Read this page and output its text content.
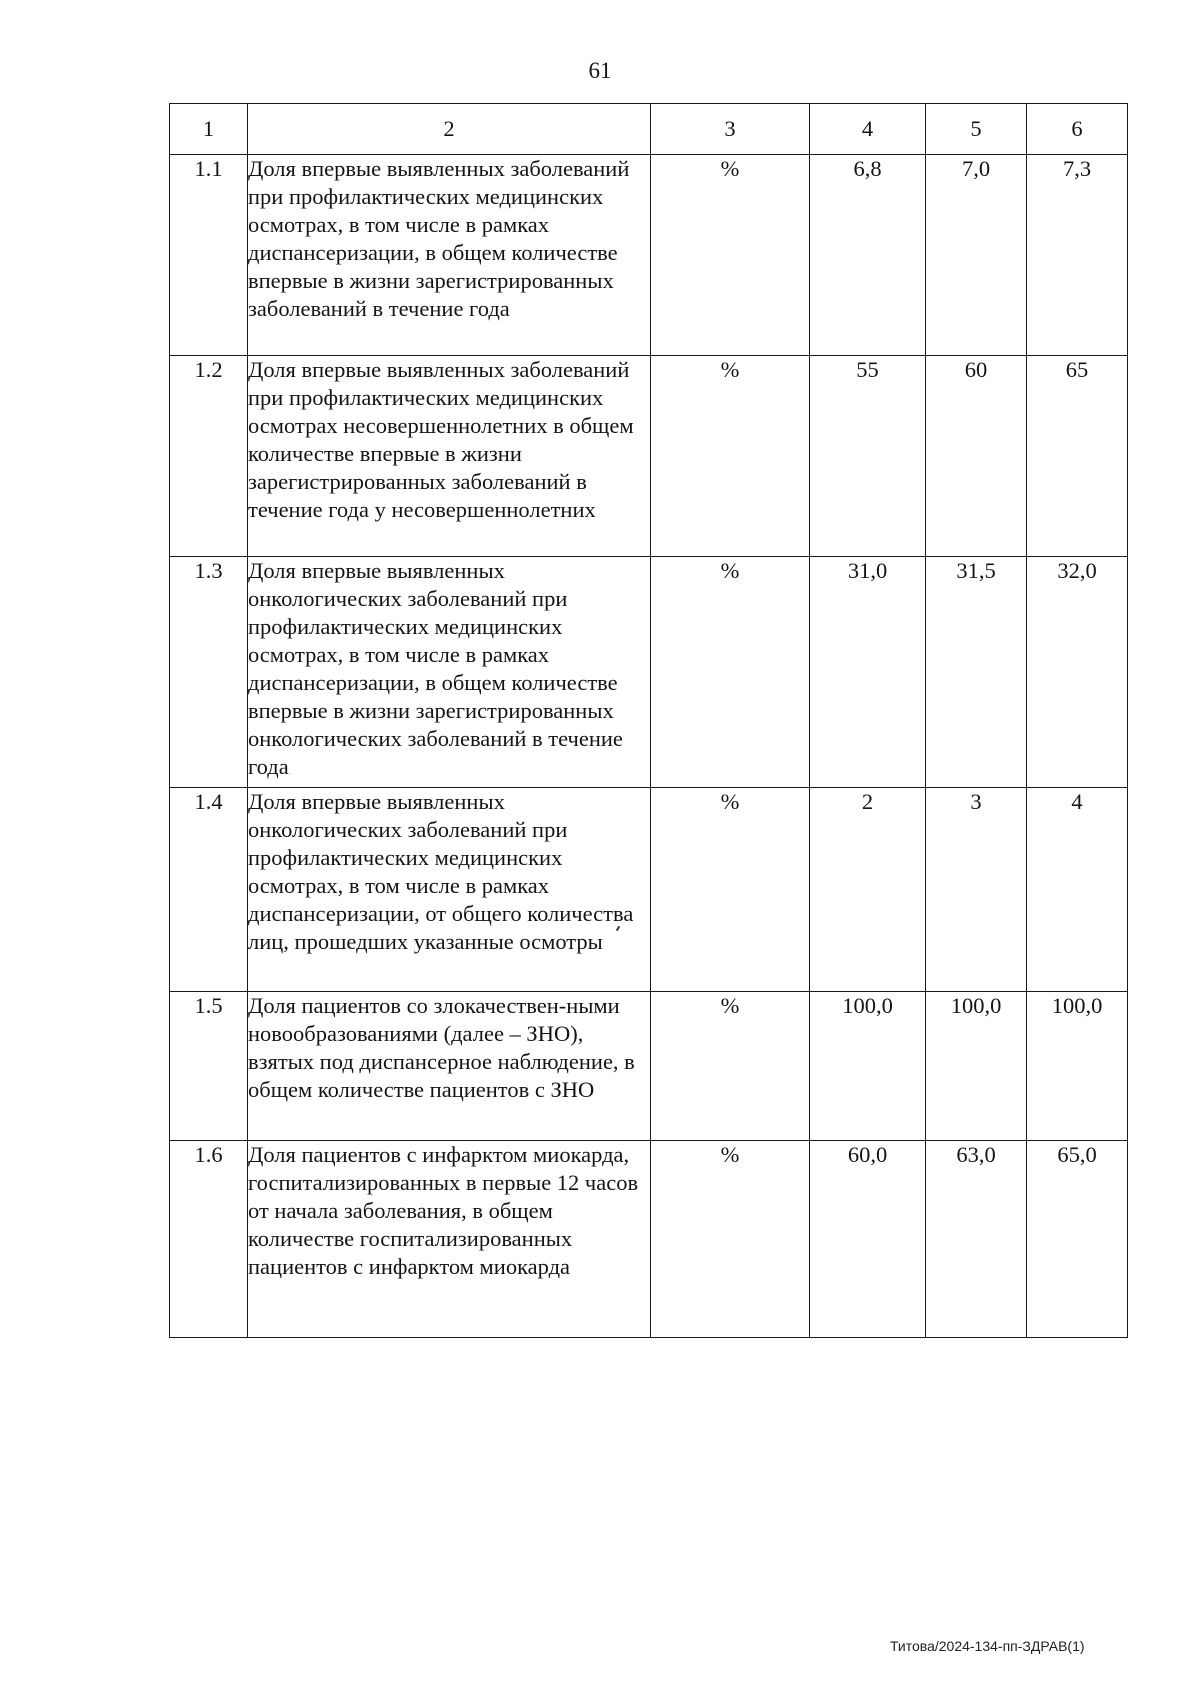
61
1	2	3	4	5	6
1.1	Доля впервые выявленных заболеваний при профилактических медицинских осмотрах, в том числе в рамках диспансеризации, в общем количестве впервые в жизни зарегистрированных заболеваний в течение года	%	6,8	7,0	7,3
1.2	Доля впервые выявленных заболеваний при профилактических медицинских осмотрах несовершеннолетних в общем количестве впервые в жизни зарегистрированных заболеваний в течение года у несовершеннолетних	%	55	60	65
1.3	Доля впервые выявленных онкологических заболеваний при профилактических медицинских осмотрах, в том числе в рамках диспансеризации, в общем количестве впервые в жизни зарегистрированных онкологических заболеваний в течение года	%	31,0	31,5	32,0
1.4	Доля впервые выявленных онкологических заболеваний при профилактических медицинских осмотрах, в том числе в рамках диспансеризации, от общего количества лиц, прошедших указанные осмотры	%	2	3	4
1.5	Доля пациентов со злокачествен-ными новообразованиями (далее – ЗНО), взятых под диспансерное наблюдение, в общем количестве пациентов с ЗНО	%	100,0	100,0	100,0
1.6	Доля пациентов с инфарктом миокарда, госпитализированных в первые 12 часов от начала заболевания, в общем количестве госпитализированных пациентов с инфарктом миокарда	%	60,0	63,0	65,0
Титова/2024-134-пп-ЗДРАВ(1)
